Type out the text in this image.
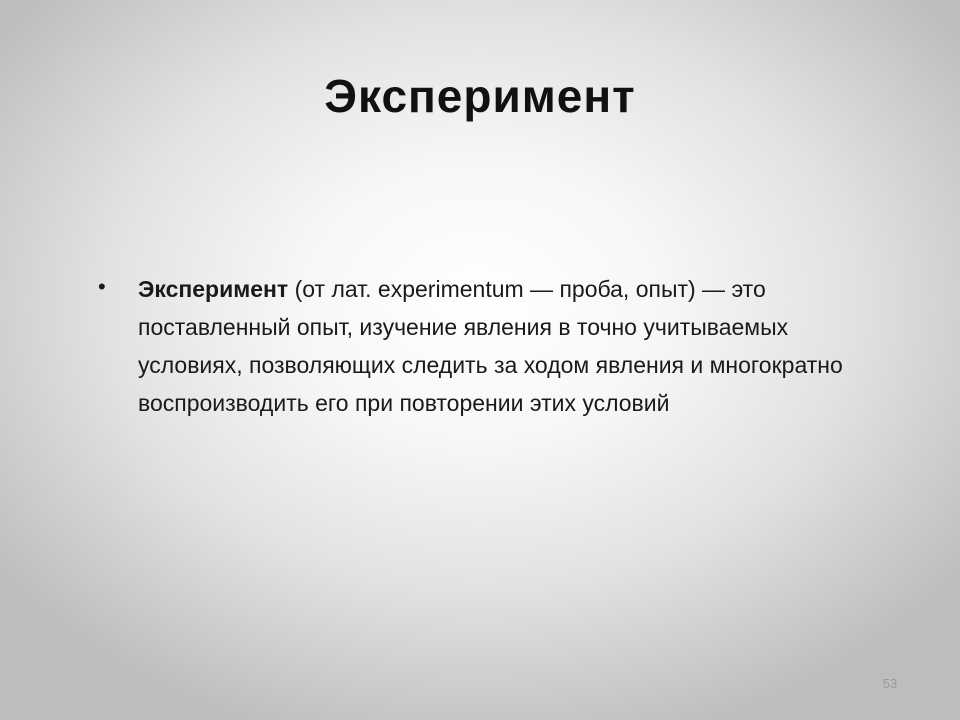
Эксперимент
• Эксперимент (от лат. experimentum — проба, опыт) — это поставленный опыт, изучение явления в точно учитываемых условиях, позволяющих следить за ходом явления и многократно воспроизводить его при повторении этих условий
53
